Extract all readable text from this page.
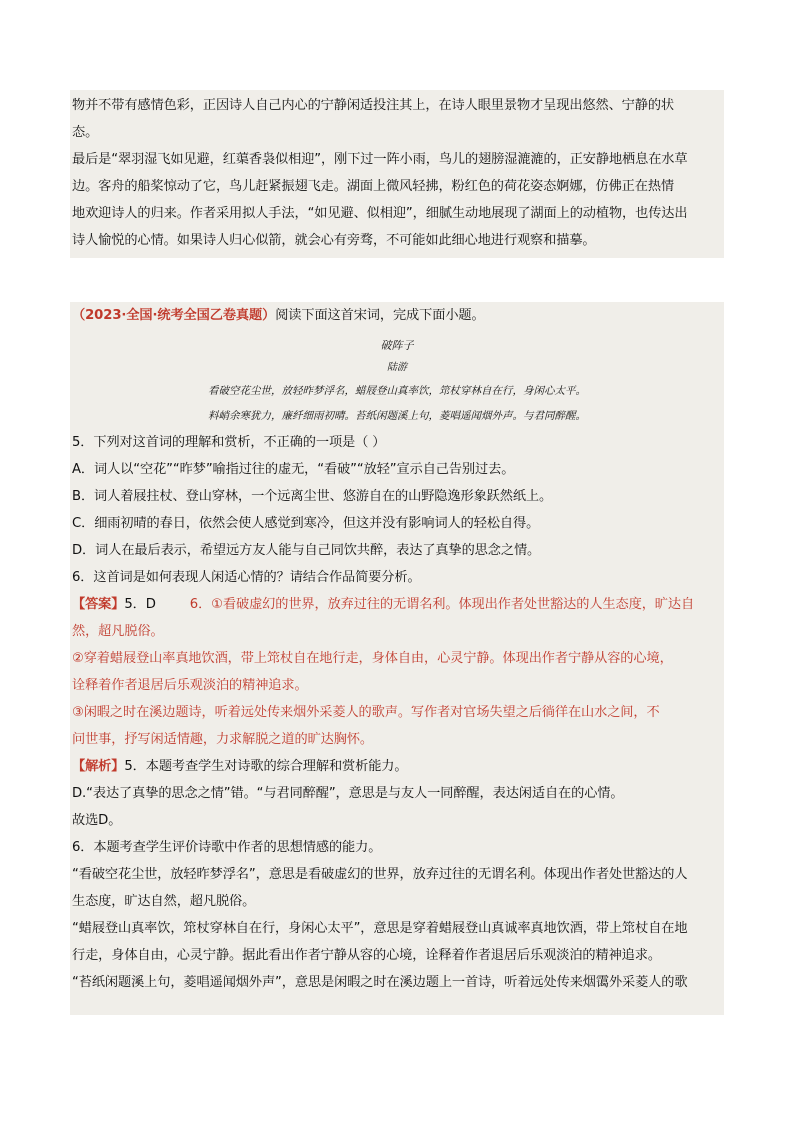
物并不带有感情色彩，正因诗人自己内心的宁静闲适投注其上，在诗人眼里景物才呈现出悠然、宁静的状
态。
最后是“翠羽湿飞如见避，红蕖香袅似相迎”，刚下过一阵小雨，鸟儿的翅膀湿漉漉的，正安静地栖息在水草
边。客舟的船桨惊动了它，鸟儿赶紧振翅飞走。湖面上微风轻拂，粉红色的荷花姿态婀娜，仿佛正在热情
地欢迎诗人的归来。作者采用拟人手法，“如见避、似相迎”，细腻生动地展现了湖面上的动植物，也传达出
诗人愉悦的心情。如果诗人归心似箭，就会心有旁骛，不可能如此细心地进行观察和描摹。
（2023·全国·统考全国乙卷真题）阅读下面这首宋词，完成下面小题。
破阵子
陆游
看破空花尘世，放轻昨梦浮名，蜡屐登山真率饮，筇杖穿林自在行，身闲心太平。
料峭余寒犹力，廉纤细雨初晴。苔纸闲题溪上句，菱唱遥闻烟外声。与君同醉醒。
5．下列对这首词的理解和赏析，不正确的一项是（ ）
A．词人以“空花”“昨梦”喻指过往的虚无，“看破”“放轻”宣示自己告别过去。
B．词人着屐拄杖、登山穿林，一个远离尘世、悠游自在的山野隐逸形象跃然纸上。
C．细雨初晴的春日，依然会使人感觉到寒冷，但这并没有影响词人的轻松自得。
D．词人在最后表示，希望远方友人能与自己同饮共醉，表达了真挚的思念之情。
6．这首词是如何表现人闲适心情的？请结合作品简要分析。
【答案】5．D	6．①看破虚幻的世界，放弃过往的无谓名利。体现出作者处世豁达的人生态度，旷达自
然，超凡脱俗。
②穿着蜡屐登山率真地饮酒，带上筇杖自在地行走，身体自由，心灵宁静。体现出作者宁静从容的心境，
诠释着作者退居后乐观淡泊的精神追求。
③闲暇之时在溪边题诗，听着远处传来烟外采菱人的歌声。写作者对官场失望之后徜徉在山水之间，不
问世事，抒写闲适情趣，力求解脱之道的旷达胸怀。
【解析】5．本题考查学生对诗歌的综合理解和赏析能力。
D.“表达了真挚的思念之情”错。“与君同醉醒”，意思是与友人一同醉醒，表达闲适自在的心情。
故选D。
6．本题考查学生评价诗歌中作者的思想情感的能力。
“看破空花尘世，放轻昨梦浮名”，意思是看破虚幻的世界，放弃过往的无谓名利。体现出作者处世豁达的人
生态度，旷达自然，超凡脱俗。
“蜡屐登山真率饮，筇杖穿林自在行，身闲心太平”，意思是穿着蜡屐登山真诚率真地饮酒，带上筇杖自在地
行走，身体自由，心灵宁静。据此看出作者宁静从容的心境，诠释着作者退居后乐观淡泊的精神追求。
“苔纸闲题溪上句，菱唱遥闻烟外声”，意思是闲暇之时在溪边题上一首诗，听着远处传来烟霭外采菱人的歌
